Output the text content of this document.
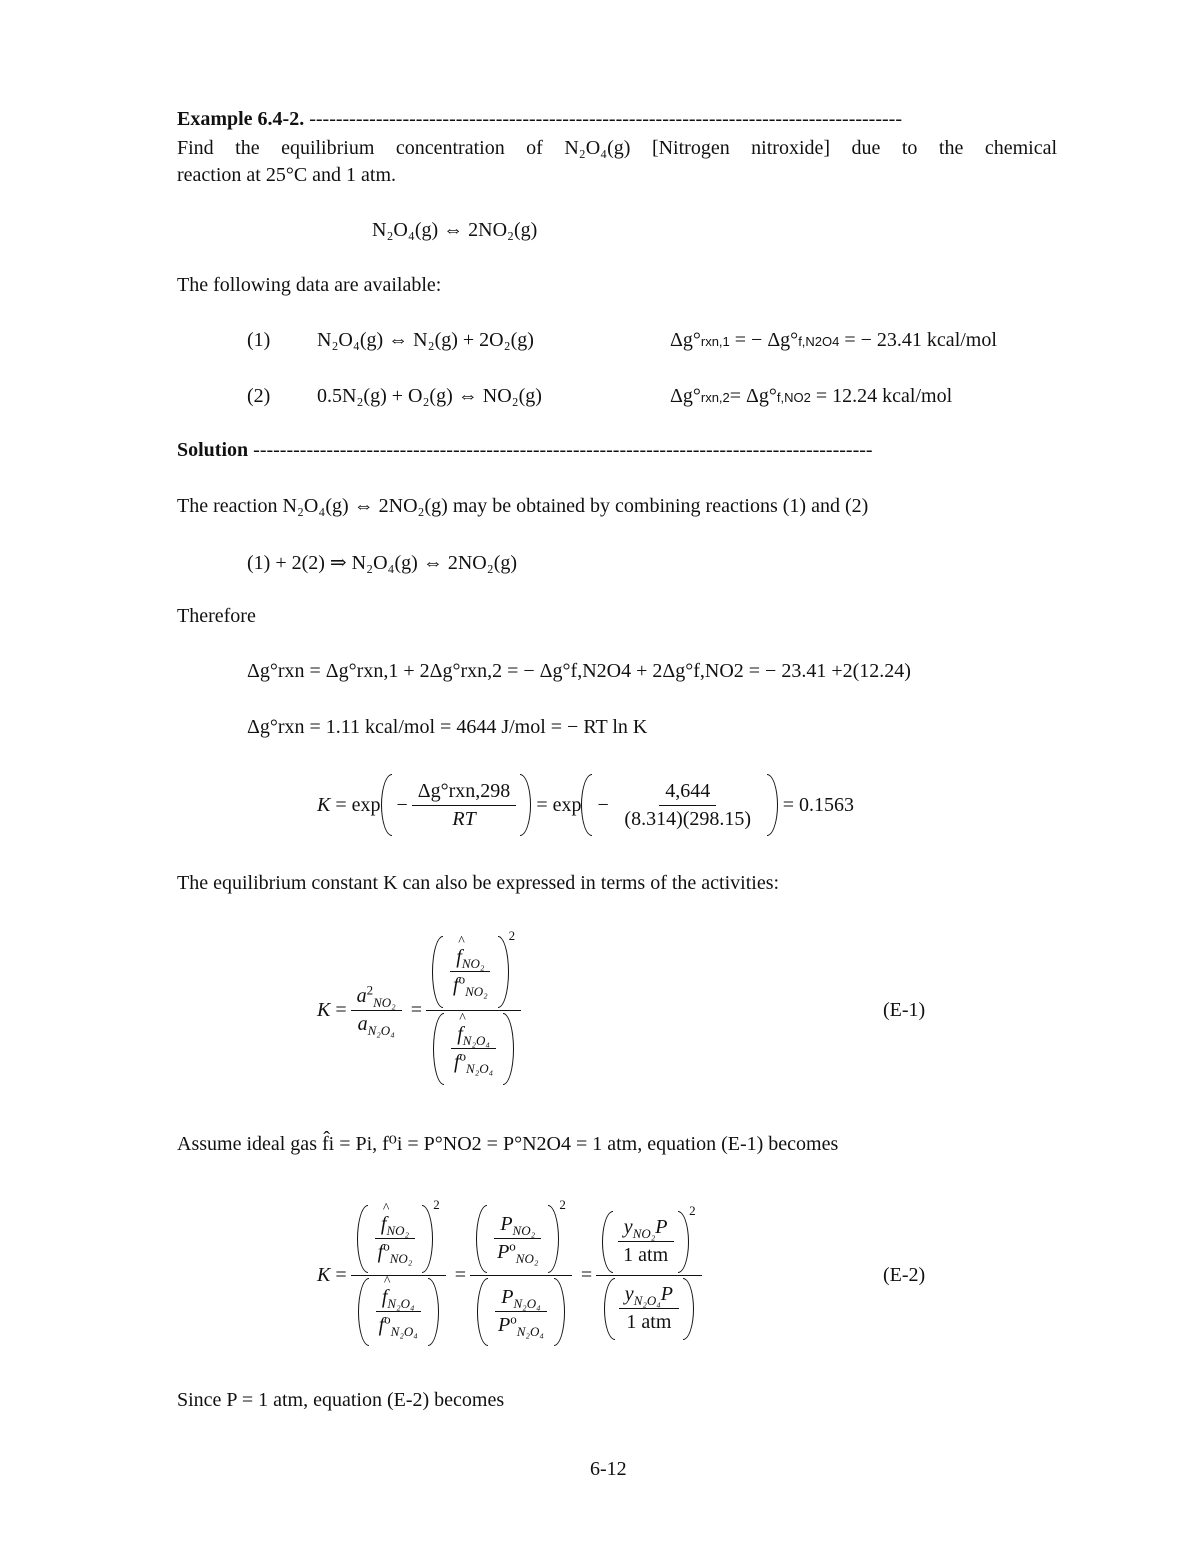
Example 6.4-2. -----------------------------------------------------------------------------------------
Find the equilibrium concentration of N₂O₄(g) [Nitrogen nitroxide] due to the chemical
reaction at 25°C and 1 atm.
N₂O₄(g) ⇔ 2NO₂(g)
The following data are available:
(1) N₂O₄(g) ⇔ N₂(g) + 2O₂(g)	Δg°rxn,1 = − Δg°f,N2O4 = − 23.41 kcal/mol
(2) 0.5N₂(g) + O₂(g) ⇔ NO₂(g)	Δg°rxn,2= Δg°f,NO2 = 12.24 kcal/mol
Solution ---------------------------------------------------------------------------------------------
The reaction N₂O₄(g) ⇔ 2NO₂(g) may be obtained by combining reactions (1) and (2)
(1) + 2(2) ⇒ N₂O₄(g) ⇔ 2NO₂(g)
Therefore
Δg°rxn = Δg°rxn,1 + 2Δg°rxn,2 = − Δg°f,N2O4 + 2Δg°f,NO2 = − 23.41 +2(12.24)
Δg°rxn = 1.11 kcal/mol = 4644 J/mol = − RT ln K
$K = \exp - \frac{\text{Δg°rxn,298}}{RT} = \exp - \frac{4,644}{(8.314)(298.15)}$
= 0.1563
The equilibrium constant K can also be expressed in terms of the activities:
$K = \frac{a^2_{NO_2}}{a_{N_2O_4}}$ = ^ $\frac{f_{NO_2}}{f^o_{NO_2}}$
2
^ $\frac{f_{N_2O_4}}{f^o_{N_2O_4}}$	(E-1)
Assume ideal gas f̂i = Pi, f⁰i = P°NO2 = P°N2O4 = 1 atm, equation (E-1) becomes
K = ^ $\frac{f_{NO_2}}{f^o_{NO_2}}$
2
^ $\frac{f_{N_2O_4}}{f^o_{N_2O_4}} = \frac{P_{NO_2}}{P^o_{NO_2}}$
2
$\frac{P_{N_2O_4}}{P^o_{N_2O_4}} = \frac{y_{NO_2}P}{\text{1 atm}}$
2
$\frac{y_{N_2O_4}P}{\text{1 atm}}$	(E-2)
Since P = 1 atm, equation (E-2) becomes
6-12
